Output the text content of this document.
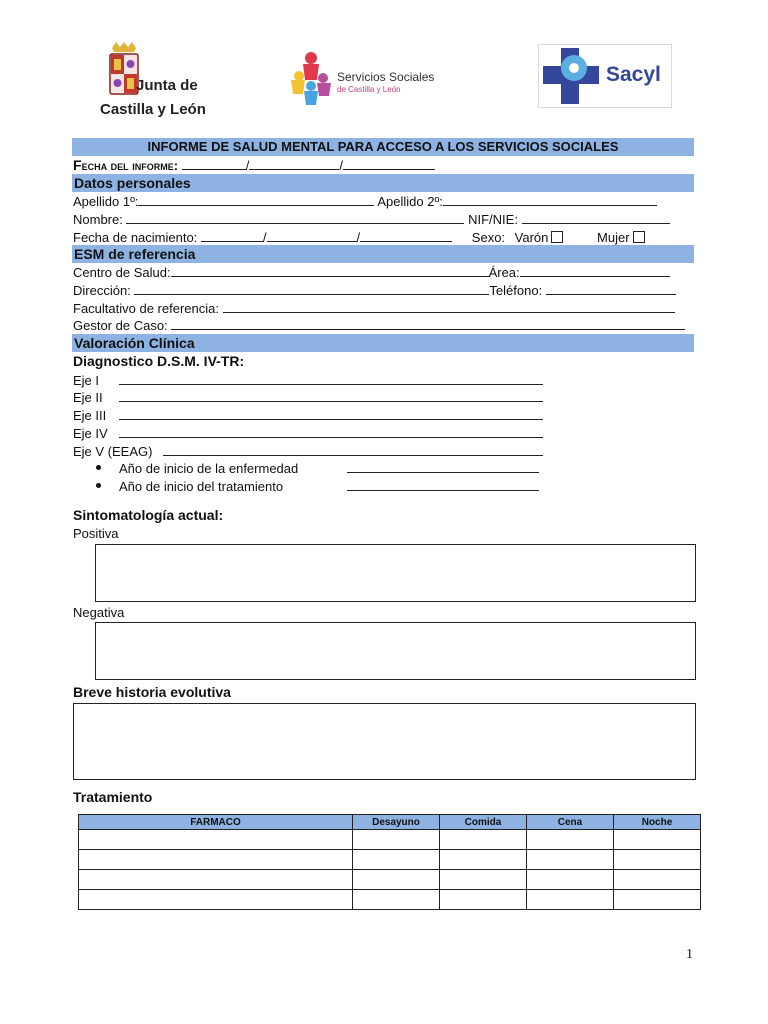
Junta de
Castilla y León
Servicios Sociales
de Castilla y León
Sacyl
INFORME DE SALUD MENTAL PARA ACCESO A LOS SERVICIOS SOCIALES
Fecha del informe:	/	/
Datos personales
Apellido 1º:	Apellido 2º:
Nombre:	NIF/NIE:
Fecha de nacimiento:	/	/	Sexo: Varón	Mujer
ESM de referencia
Centro de Salud:	Área:
Dirección:	Teléfono:
Facultativo de referencia:
Gestor de Caso:
Valoración Clínica
Diagnostico D.S.M. IV-TR:
Eje I
Eje II
Eje III
Eje IV
Eje V (EEAG)
Año de inicio de la enfermedad
Año de inicio del tratamiento
Sintomatología actual:
Positiva
Negativa
Breve historia evolutiva
Tratamiento
FARMACO	Desayuno	Comida	Cena	Noche

1
